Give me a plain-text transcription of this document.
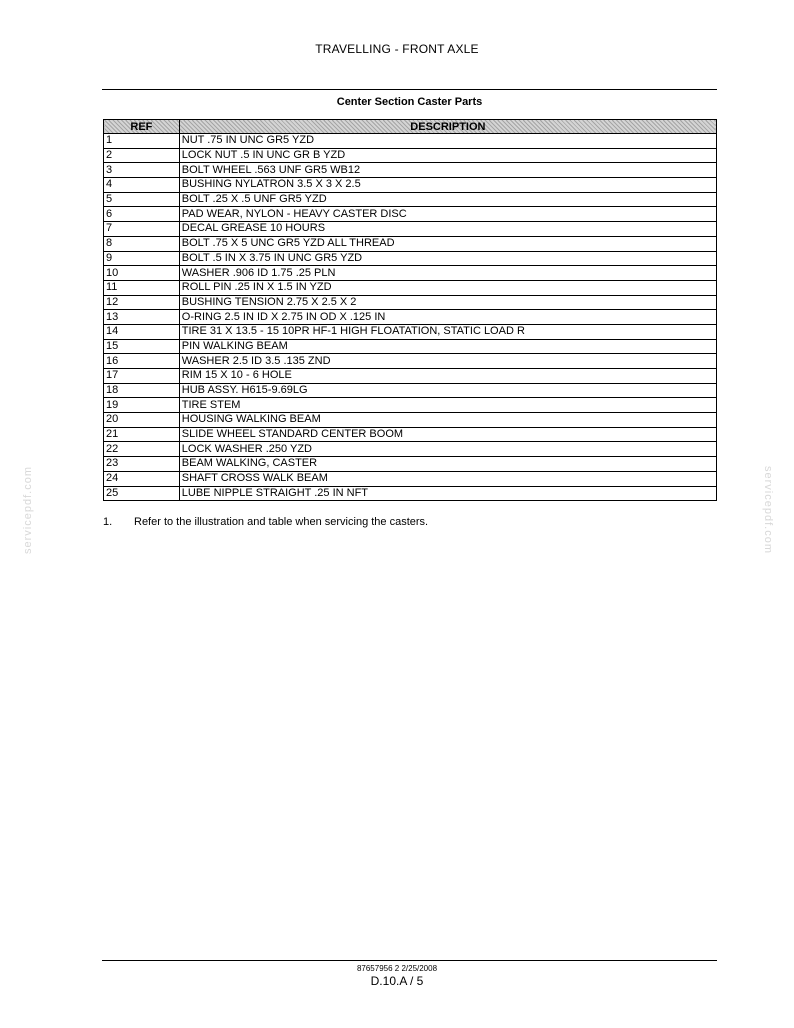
TRAVELLING - FRONT AXLE
Center Section Caster Parts
REF	DESCRIPTION
1	NUT .75 IN UNC GR5 YZD
2	LOCK NUT .5 IN UNC GR B YZD
3	BOLT WHEEL .563 UNF GR5 WB12
4	BUSHING NYLATRON 3.5 X 3 X 2.5
5	BOLT .25 X .5 UNF GR5 YZD
6	PAD WEAR, NYLON - HEAVY CASTER DISC
7	DECAL GREASE 10 HOURS
8	BOLT .75 X 5 UNC GR5 YZD ALL THREAD
9	BOLT .5 IN X 3.75 IN UNC GR5 YZD
10	WASHER .906 ID 1.75 .25 PLN
11	ROLL PIN .25 IN X 1.5 IN YZD
12	BUSHING TENSION 2.75 X 2.5 X 2
13	O-RING 2.5 IN ID X 2.75 IN OD X .125 IN
14	TIRE 31 X 13.5 - 15 10PR HF-1 HIGH FLOATATION, STATIC LOAD R
15	PIN WALKING BEAM
16	WASHER 2.5 ID 3.5 .135 ZND
17	RIM 15 X 10 - 6 HOLE
18	HUB ASSY. H615-9.69LG
19	TIRE STEM
20	HOUSING WALKING BEAM
21	SLIDE WHEEL STANDARD CENTER BOOM
22	LOCK WASHER .250 YZD
23	BEAM WALKING, CASTER
24	SHAFT CROSS WALK BEAM
25	LUBE NIPPLE STRAIGHT .25 IN NFT
1. Refer to the illustration and table when servicing the casters.
servicepdf.com	servicepdf.com
87657956 2 2/25/2008
D.10.A / 5
